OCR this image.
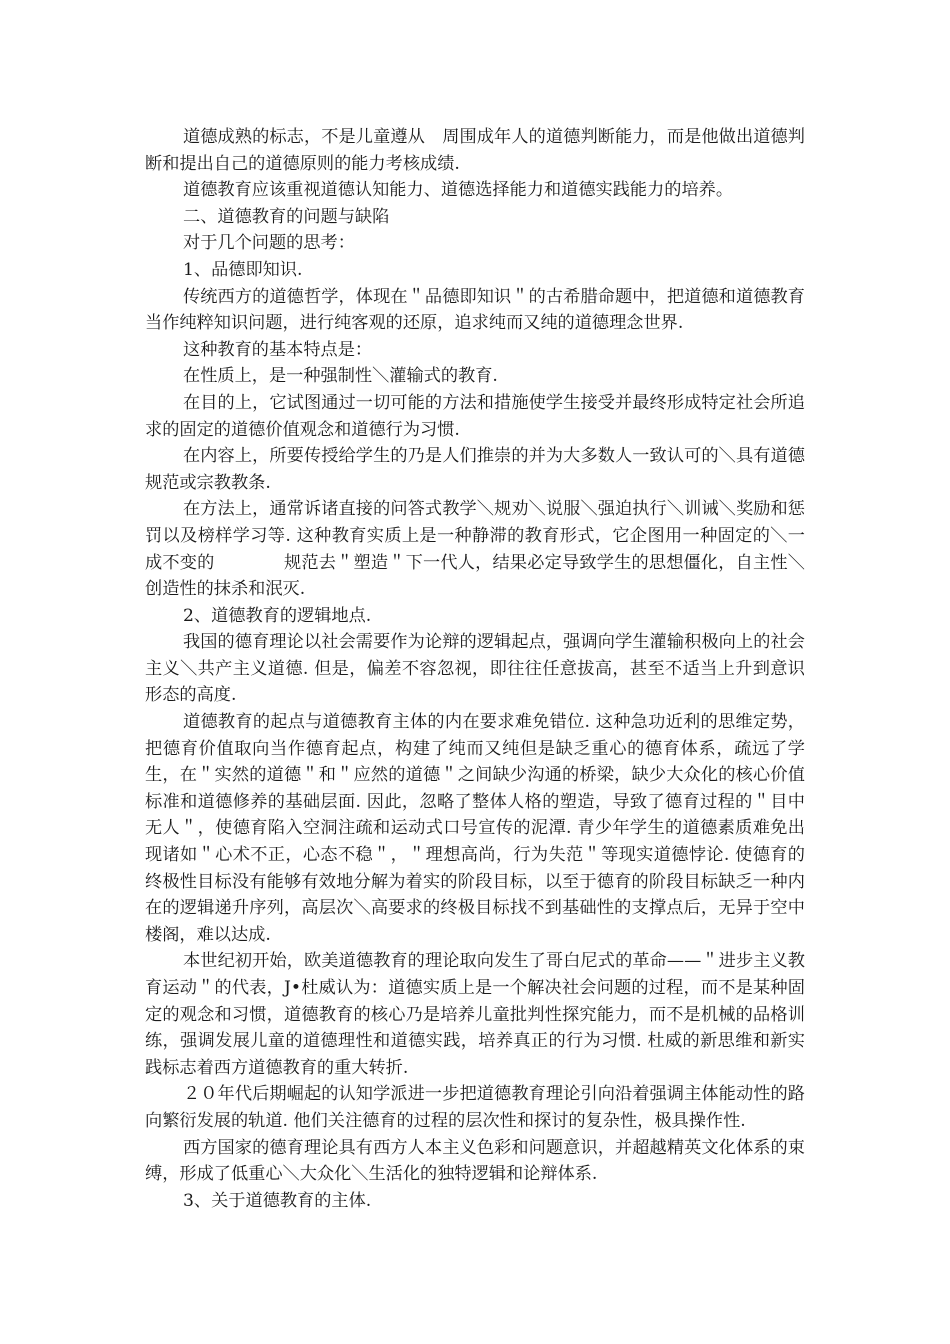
道德成熟的标志，不是儿童遵从　周围成年人的道德判断能力，而是他做出道德判断和提出自己的道德原则的能力考核成绩.

道德教育应该重视道德认知能力、道德选择能力和道德实践能力的培养。

二、道德教育的问题与缺陷

对于几个问题的思考：

1、品德即知识.

传统西方的道德哲学，体现在＂品德即知识＂的古希腊命题中，把道德和道德教育当作纯粹知识问题，进行纯客观的还原，追求纯而又纯的道德理念世界.

这种教育的基本特点是：

在性质上，是一种强制性＼灌输式的教育.

在目的上，它试图通过一切可能的方法和措施使学生接受并最终形成特定社会所追求的固定的道德价值观念和道德行为习惯.

在内容上，所要传授给学生的乃是人们推崇的并为大多数人一致认可的＼具有道德规范或宗教教条.

在方法上，通常诉诸直接的问答式教学＼规劝＼说服＼强迫执行＼训诫＼奖励和惩罚以及榜样学习等. 这种教育实质上是一种静滞的教育形式，它企图用一种固定的＼一成不变的　　　　规范去＂塑造＂下一代人，结果必定导致学生的思想僵化，自主性＼创造性的抹杀和泯灭.

2、道德教育的逻辑地点.

我国的德育理论以社会需要作为论辩的逻辑起点，强调向学生灌输积极向上的社会主义＼共产主义道德. 但是，偏差不容忽视，即往往任意拔高，甚至不适当上升到意识形态的高度.

道德教育的起点与道德教育主体的内在要求难免错位. 这种急功近利的思维定势，把德育价值取向当作德育起点，构建了纯而又纯但是缺乏重心的德育体系，疏远了学生，在＂实然的道德＂和＂应然的道德＂之间缺少沟通的桥梁，缺少大众化的核心价值标准和道德修养的基础层面. 因此，忽略了整体人格的塑造，导致了德育过程的＂目中无人＂，使德育陷入空洞注疏和运动式口号宣传的泥潭. 青少年学生的道德素质难免出现诸如＂心术不正，心态不稳＂，＂理想高尚，行为失范＂等现实道德悖论. 使德育的终极性目标没有能够有效地分解为着实的阶段目标，以至于德育的阶段目标缺乏一种内在的逻辑递升序列，高层次＼高要求的终极目标找不到基础性的支撑点后，无异于空中楼阁，难以达成.

本世纪初开始，欧美道德教育的理论取向发生了哥白尼式的革命——＂进步主义教育运动＂的代表，J•杜威认为：道德实质上是一个解决社会问题的过程，而不是某种固定的观念和习惯，道德教育的核心乃是培养儿童批判性探究能力，而不是机械的品格训练，强调发展儿童的道德理性和道德实践，培养真正的行为习惯. 杜威的新思维和新实践标志着西方道德教育的重大转折.

２０年代后期崛起的认知学派进一步把道德教育理论引向沿着强调主体能动性的路向繁衍发展的轨道. 他们关注德育的过程的层次性和探讨的复杂性，极具操作性.

西方国家的德育理论具有西方人本主义色彩和问题意识，并超越精英文化体系的束缚，形成了低重心＼大众化＼生活化的独特逻辑和论辩体系.

3、关于道德教育的主体.
